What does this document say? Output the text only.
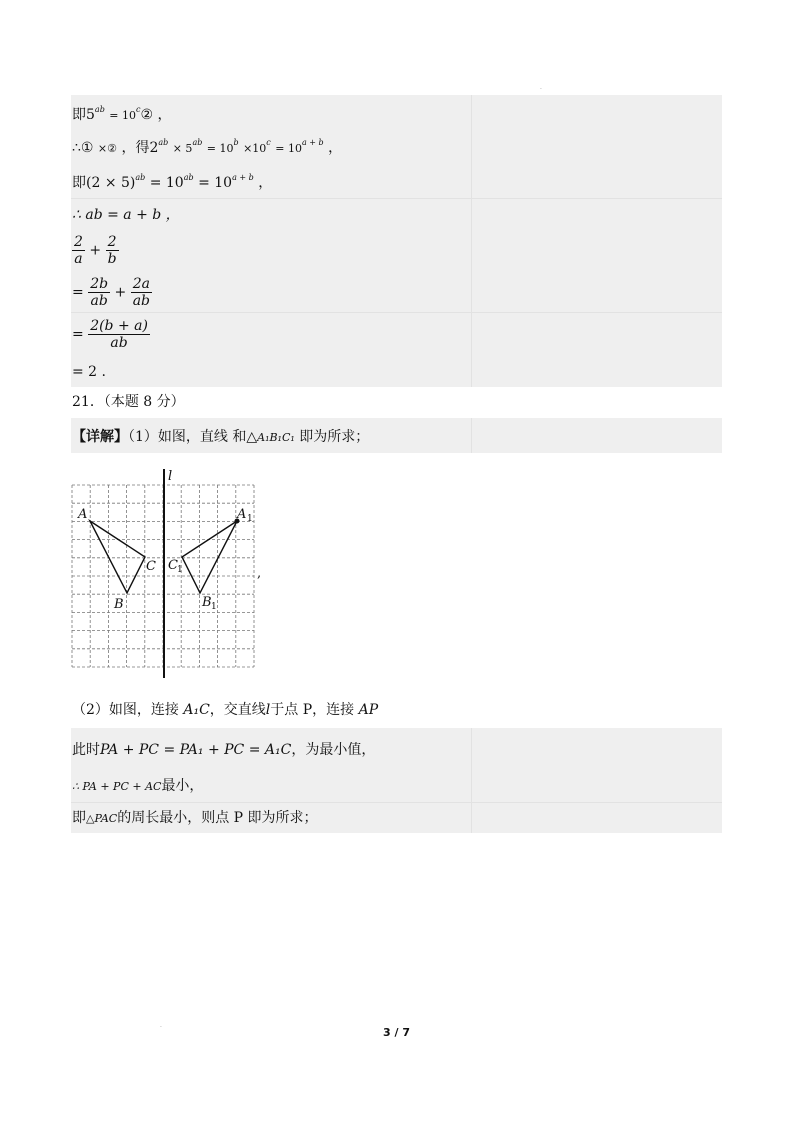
·
即$5^{ab}$ = $10^c②$ ，
∴① ×② ，得$2^{ab} \times 5^{ab} = 10^b \times 10^c = 10^{a + b}$ ，
即$(2 \times 5)^{ab} = 10^{ab} = 10^{a + b}$ ，
∴ ab = a + b ，
$\frac{2}{a} + \frac{2}{b}$
= $\frac{2b}{ab} + \frac{2a}{ab}$
= $\frac{2(b + a)}{ab}$
= 2 .
21．（本题 8 分）
【详解】（1）如图，直线 和△A₁B₁C₁ 即为所求；
l
A
C
B
A 1
C 1
B 1
,
（2）如图，连接 A₁C，交直线l于点 P，连接 AP
此时PA + PC = PA₁ + PC = A₁C，为最小值，
∴ PA + PC + AC最小，
即△PAC的周长最小，则点 P 即为所求；
·	3 / 7
